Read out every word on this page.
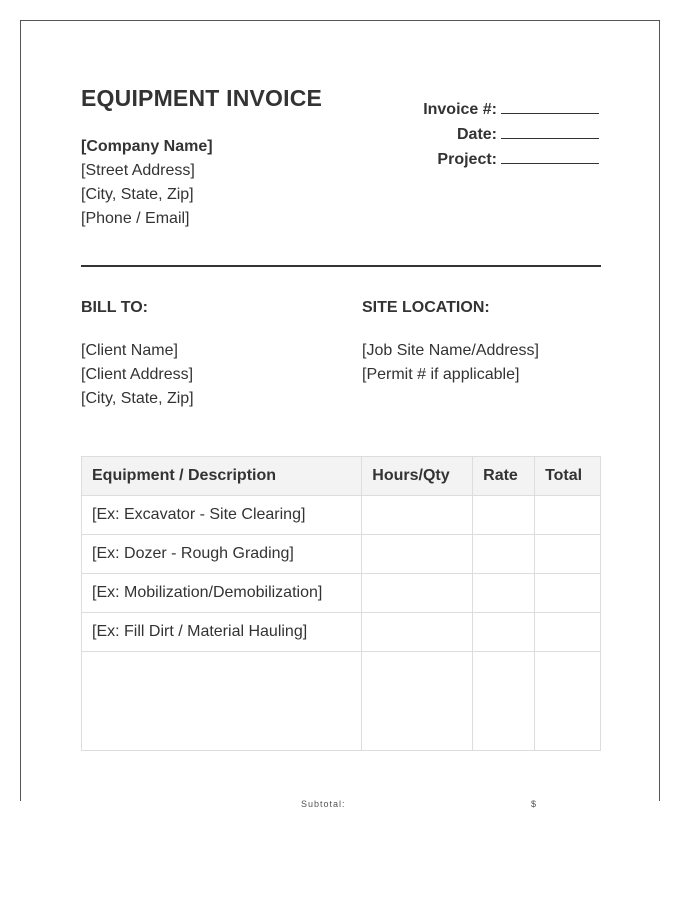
EQUIPMENT INVOICE
[Company Name]
[Street Address]
[City, State, Zip]
[Phone / Email]
Invoice #:
Date:
Project:
BILL TO:	SITE LOCATION:
[Client Name]
[Client Address]
[City, State, Zip]
[Job Site Name/Address]
[Permit # if applicable]
Equipment / Description	Hours/Qty	Rate	Total
[Ex: Excavator - Site Clearing]			
[Ex: Dozer - Rough Grading]			
[Ex: Mobilization/Demobilization]			
[Ex: Fill Dirt / Material Hauling]			

Subtotal:	$
